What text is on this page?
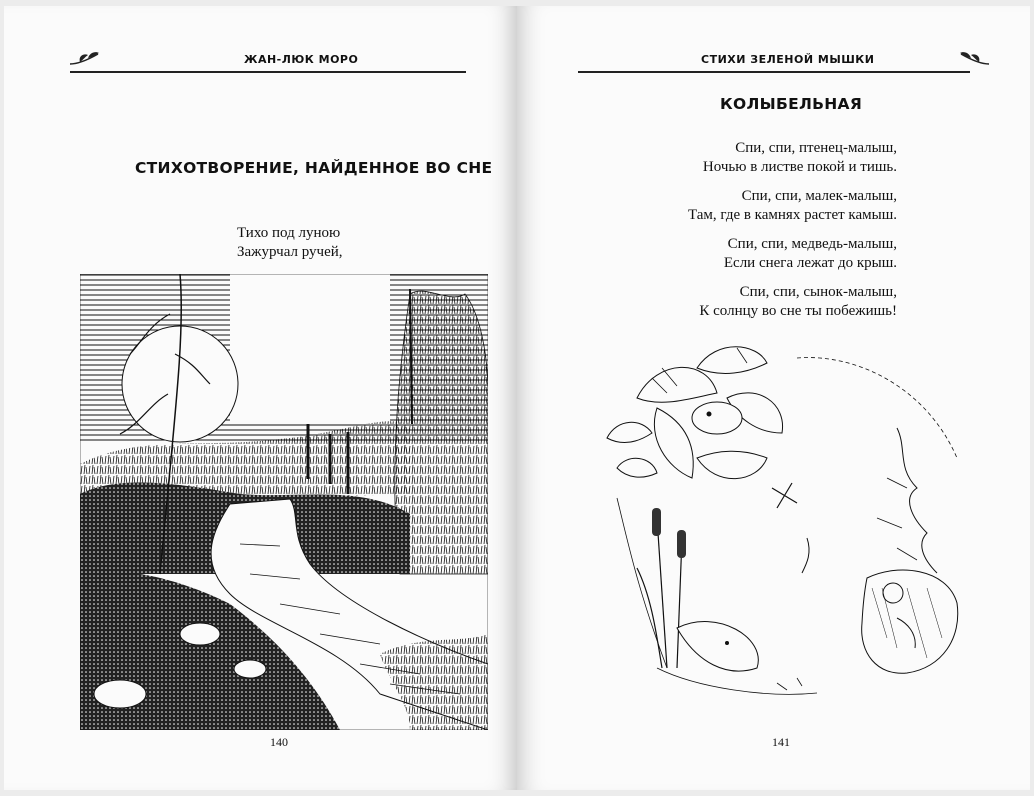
ЖАН-ЛЮК МОРО
СТИХОТВОРЕНИЕ, НАЙДЕННОЕ ВО СНЕ
Тихо под луною
Зажурчал ручей,
140
СТИХИ ЗЕЛЕНОЙ МЫШКИ
КОЛЫБЕЛЬНАЯ
Спи, спи, птенец-малыш,
Ночью в листве покой и тишь.
Спи, спи, малек-малыш,
Там, где в камнях растет камыш.
Спи, спи, медведь-малыш,
Если снега лежат до крыш.
Спи, спи, сынок-малыш,
К солнцу во сне ты побежишь!
141
